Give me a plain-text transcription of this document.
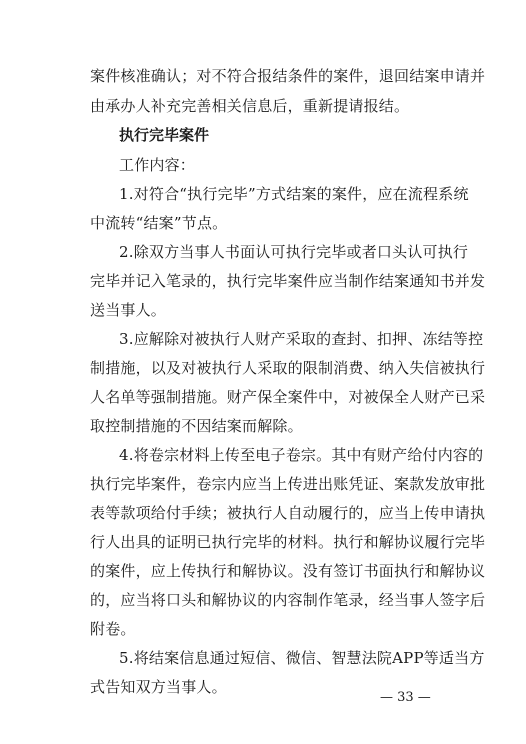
案件核准确认；对不符合报结条件的案件，退回结案申请并
由承办人补充完善相关信息后，重新提请报结。
执行完毕案件
工作内容：
1.对符合“执行完毕”方式结案的案件，应在流程系统
中流转“结案”节点。
2.除双方当事人书面认可执行完毕或者口头认可执行
完毕并记入笔录的，执行完毕案件应当制作结案通知书并发
送当事人。
3.应解除对被执行人财产采取的查封、扣押、冻结等控
制措施，以及对被执行人采取的限制消费、纳入失信被执行
人名单等强制措施。财产保全案件中，对被保全人财产已采
取控制措施的不因结案而解除。
4.将卷宗材料上传至电子卷宗。其中有财产给付内容的
执行完毕案件，卷宗内应当上传进出账凭证、案款发放审批
表等款项给付手续；被执行人自动履行的，应当上传申请执
行人出具的证明已执行完毕的材料。执行和解协议履行完毕
的案件，应上传执行和解协议。没有签订书面执行和解协议
的，应当将口头和解协议的内容制作笔录，经当事人签字后
附卷。
5.将结案信息通过短信、微信、智慧法院APP等适当方
式告知双方当事人。
— 33 —
